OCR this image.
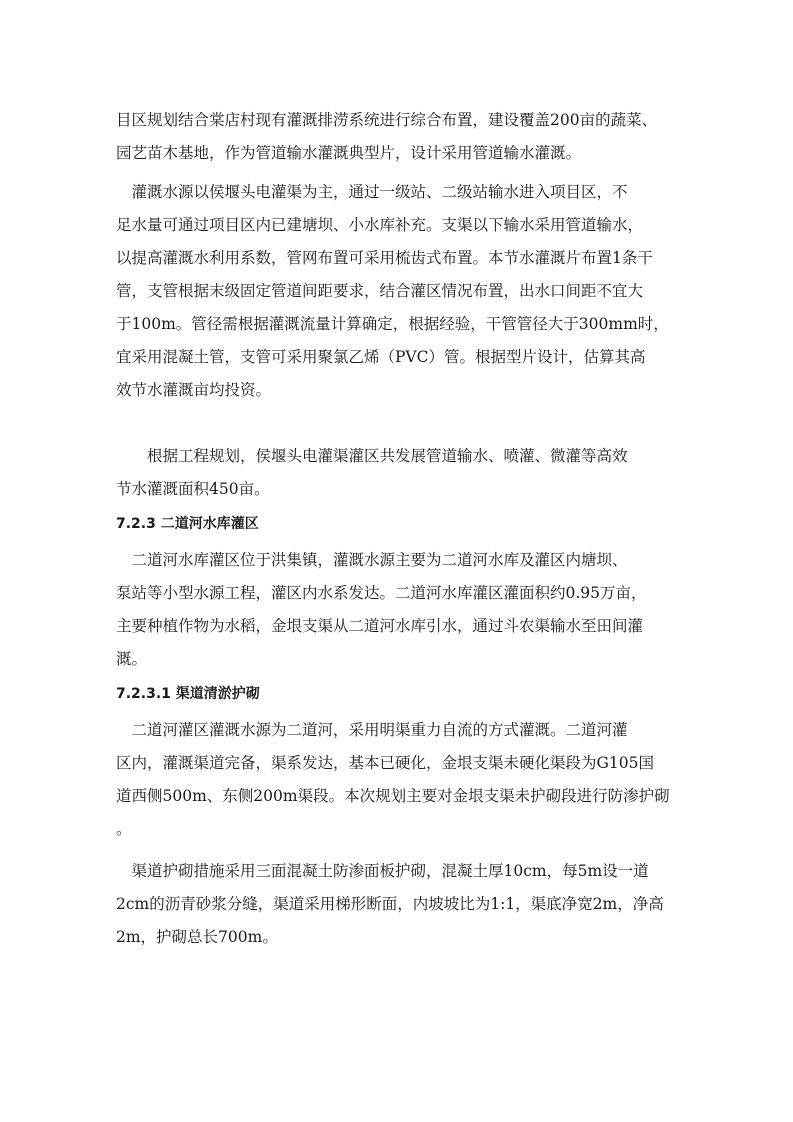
目区规划结合棠店村现有灌溉排涝系统进行综合布置，建设覆盖200亩的蔬菜、
园艺苗木基地，作为管道输水灌溉典型片，设计采用管道输水灌溉。
　灌溉水源以侯堰头电灌渠为主，通过一级站、二级站输水进入项目区，不
足水量可通过项目区内已建塘坝、小水库补充。支渠以下输水采用管道输水，
以提高灌溉水利用系数，管网布置可采用梳齿式布置。本节水灌溉片布置1条干
管，支管根据末级固定管道间距要求，结合灌区情况布置，出水口间距不宜大
于100m。管径需根据灌溉流量计算确定，根据经验，干管管径大于300mm时，
宜采用混凝土管，支管可采用聚氯乙烯（PVC）管。根据型片设计，估算其高
效节水灌溉亩均投资。
　　根据工程规划，侯堰头电灌渠灌区共发展管道输水、喷灌、微灌等高效
节水灌溉面积450亩。
7.2.3 二道河水库灌区
　二道河水库灌区位于洪集镇，灌溉水源主要为二道河水库及灌区内塘坝、
泵站等小型水源工程，灌区内水系发达。二道河水库灌区灌面积约0.95万亩，
主要种植作物为水稻，金垠支渠从二道河水库引水，通过斗农渠输水至田间灌
溉。
7.2.3.1 渠道清淤护砌
　二道河灌区灌溉水源为二道河，采用明渠重力自流的方式灌溉。二道河灌
区内，灌溉渠道完备，渠系发达，基本已硬化，金垠支渠未硬化渠段为G105国
道西侧500m、东侧200m渠段。本次规划主要对金垠支渠未护砌段进行防渗护砌
。
　渠道护砌措施采用三面混凝土防渗面板护砌，混凝土厚10cm，每5m设一道
2cm的沥青砂浆分缝，渠道采用梯形断面，内坡坡比为1:1，渠底净宽2m，净高
2m，护砌总长700m。
